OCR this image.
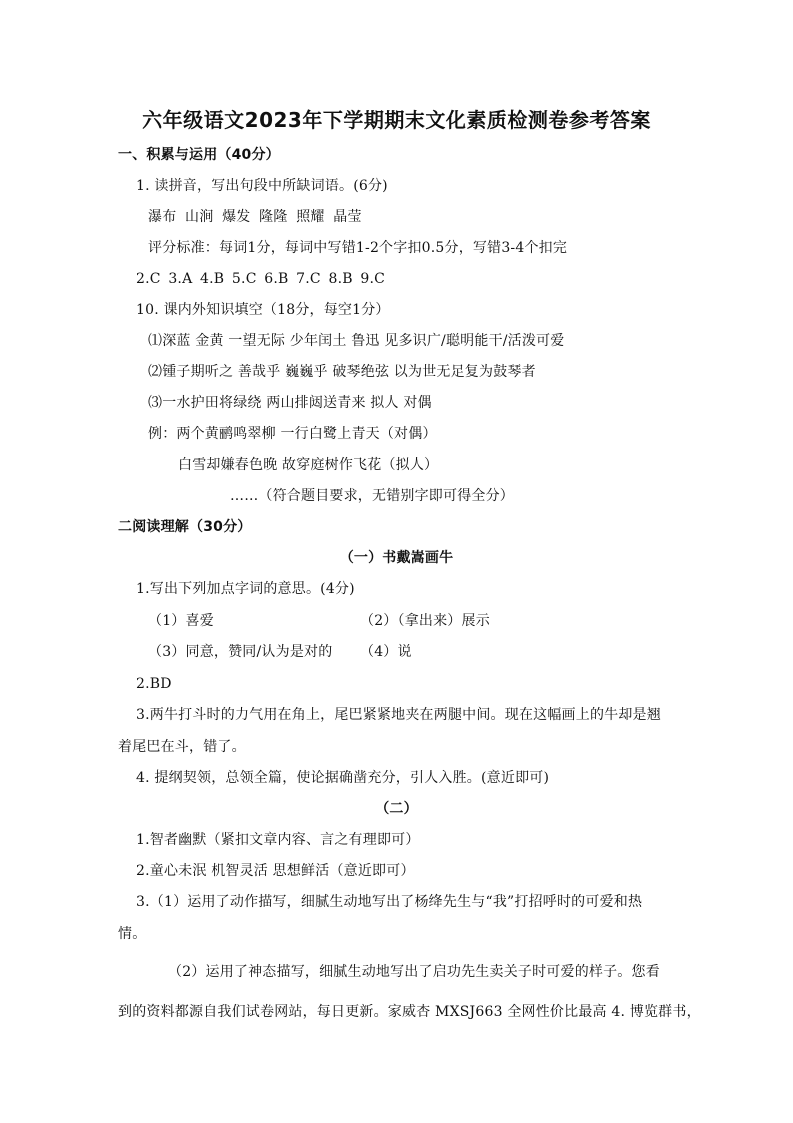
六年级语文2023年下学期期末文化素质检测卷参考答案
一、积累与运用（40分）
1. 读拼音，写出句段中所缺词语。(6分)
瀑布 山涧 爆发 隆隆 照耀 晶莹
评分标准：每词1分，每词中写错1-2个字扣0.5分，写错3-4个扣完
2.C 3.A 4.B 5.C 6.B 7.C 8.B 9.C
10. 课内外知识填空（18分，每空1分）
⑴深蓝 金黄 一望无际 少年闰土 鲁迅 见多识广/聪明能干/活泼可爱
⑵锺子期听之 善哉乎 巍巍乎 破琴绝弦 以为世无足复为鼓琴者
⑶一水护田将绿绕 两山排闼送青来 拟人 对偶
例：两个黄鹂鸣翠柳 一行白鹭上青天（对偶）
白雪却嫌春色晚 故穿庭树作飞花（拟人）
……（符合题目要求，无错别字即可得全分）
二阅读理解（30分）
（一）书戴嵩画牛
1.写出下列加点字词的意思。(4分)
（1）喜爱	（2）（拿出来）展示
（3）同意，赞同/认为是对的 （4）说
2.BD
3.两牛打斗时的力气用在角上，尾巴紧紧地夹在两腿中间。现在这幅画上的牛却是翘
着尾巴在斗，错了。
4. 提纲契领，总领全篇，使论据确凿充分，引人入胜。(意近即可)
（二）
1.智者幽默（紧扣文章内容、言之有理即可）
2.童心未泯 机智灵活 思想鲜活（意近即可）
3.（1）运用了动作描写，细腻生动地写出了杨绛先生与“我”打招呼时的可爱和热
情。
（2）运用了神态描写，细腻生动地写出了启功先生卖关子时可爱的样子。您看
到的资料都源自我们试卷网站，每日更新。家威杏 MXSJ663 全网性价比最高 4. 博览群书，
